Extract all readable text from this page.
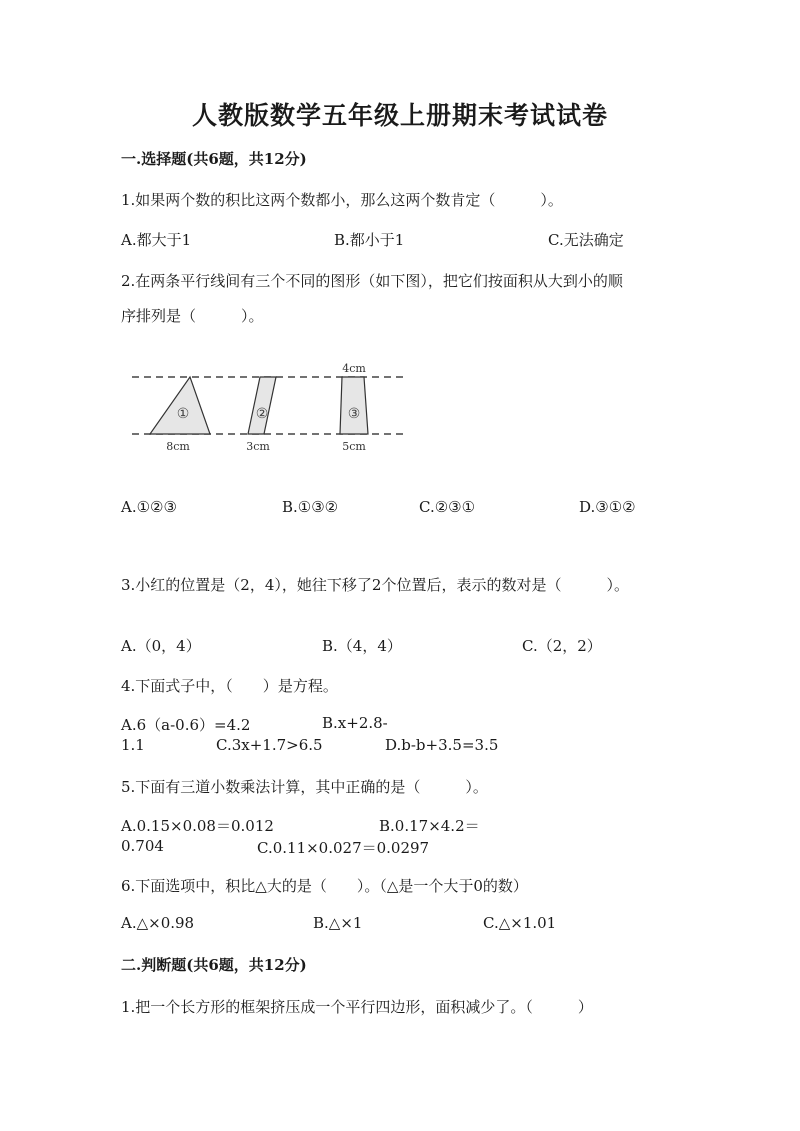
人教版数学五年级上册期末考试试卷
一.选择题(共6题，共12分)
1.如果两个数的积比这两个数都小，那么这两个数肯定（　　　）。
A.都大于1	B.都小于1	C.无法确定
2.在两条平行线间有三个不同的图形（如下图），把它们按面积从大到小的顺
序排列是（　　　）。
①
8cm
②
3cm
4cm
③
5cm
A.①②③	B.①③②	C.②③①	D.③①②
3.小红的位置是（2，4），她往下移了2个位置后，表示的数对是（　　　）。
A.（0，4）	B.（4，4）	C.（2，2）
4.下面式子中，（　　）是方程。
A.6（a-0.6）=4.2	B.x+2.8-
1.1	C.3x+1.7>6.5	D.b-b+3.5=3.5
5.下面有三道小数乘法计算，其中正确的是（　　　）。
A.0.15×0.08＝0.012	B.0.17×4.2＝
0.704	C.0.11×0.027＝0.0297
6.下面选项中，积比△大的是（　　）。（△是一个大于0的数）
A.△×0.98	B.△×1	C.△×1.01
二.判断题(共6题，共12分)
1.把一个长方形的框架挤压成一个平行四边形，面积减少了。（　　　）
